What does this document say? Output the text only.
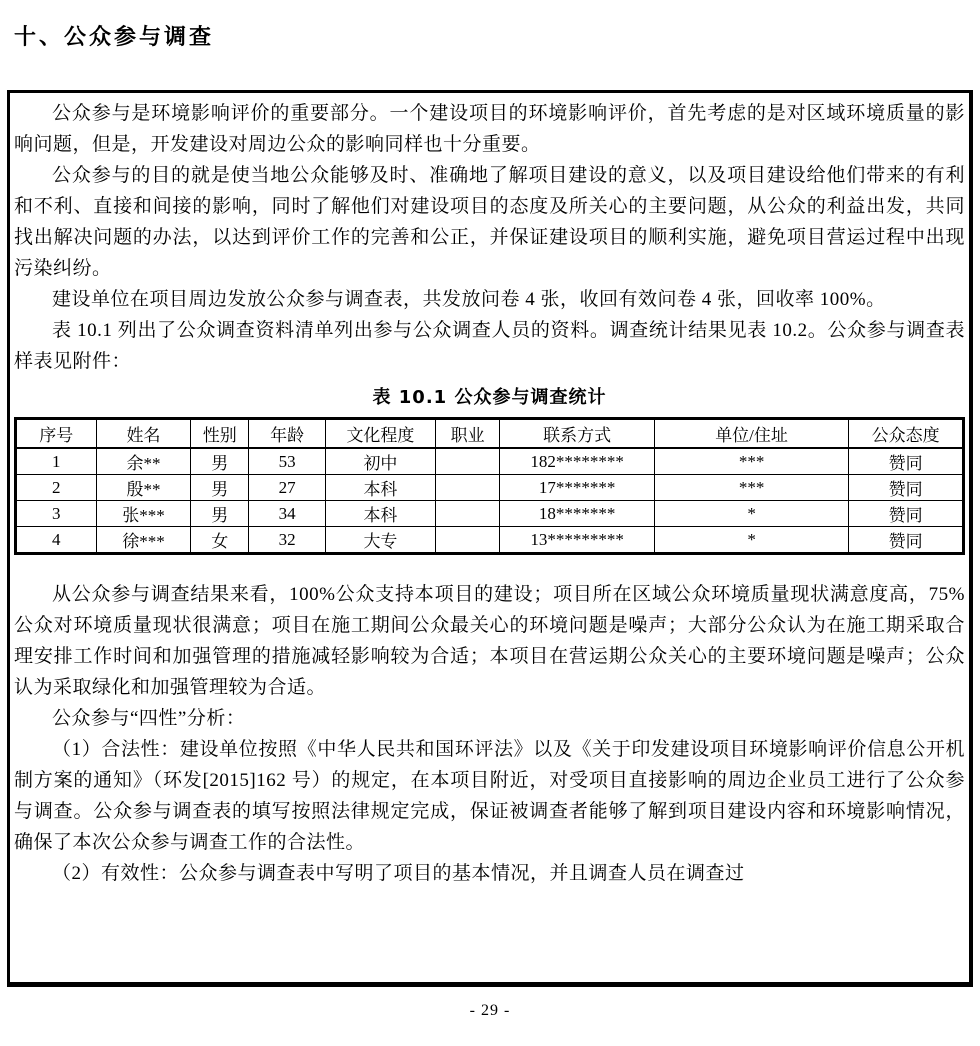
十、公众参与调查

公众参与是环境影响评价的重要部分。一个建设项目的环境影响评价，首先考虑的是对区域环境质量的影响问题，但是，开发建设对周边公众的影响同样也十分重要。

公众参与的目的就是使当地公众能够及时、准确地了解项目建设的意义，以及项目建设给他们带来的有利和不利、直接和间接的影响，同时了解他们对建设项目的态度及所关心的主要问题，从公众的利益出发，共同找出解决问题的办法，以达到评价工作的完善和公正，并保证建设项目的顺利实施，避免项目营运过程中出现污染纠纷。

建设单位在项目周边发放公众参与调查表，共发放问卷 4 张，收回有效问卷 4 张，回收率 100%。

表 10.1 列出了公众调查资料清单列出参与公众调查人员的资料。调查统计结果见表 10.2。公众参与调查表样表见附件：

表 10.1 公众参与调查统计
序号	姓名	性别	年龄	文化程度	职业	联系方式	单位/住址	公众态度
1	余**	男	53	初中		182********	***	赞同
2	殷**	男	27	本科		17*******	***	赞同
3	张***	男	34	本科		18*******	*	赞同
4	徐***	女	32	大专		13*********	*	赞同

从公众参与调查结果来看，100%公众支持本项目的建设；项目所在区域公众环境质量现状满意度高，75%公众对环境质量现状很满意；项目在施工期间公众最关心的环境问题是噪声；大部分公众认为在施工期采取合理安排工作时间和加强管理的措施减轻影响较为合适；本项目在营运期公众关心的主要环境问题是噪声；公众认为采取绿化和加强管理较为合适。

公众参与“四性”分析：

（1）合法性：建设单位按照《中华人民共和国环评法》以及《关于印发建设项目环境影响评价信息公开机制方案的通知》（环发[2015]162 号）的规定，在本项目附近，对受项目直接影响的周边企业员工进行了公众参与调查。公众参与调查表的填写按照法律规定完成，保证被调查者能够了解到项目建设内容和环境影响情况，确保了本次公众参与调查工作的合法性。

（2）有效性：公众参与调查表中写明了项目的基本情况，并且调查人员在调查过

- 29 -
